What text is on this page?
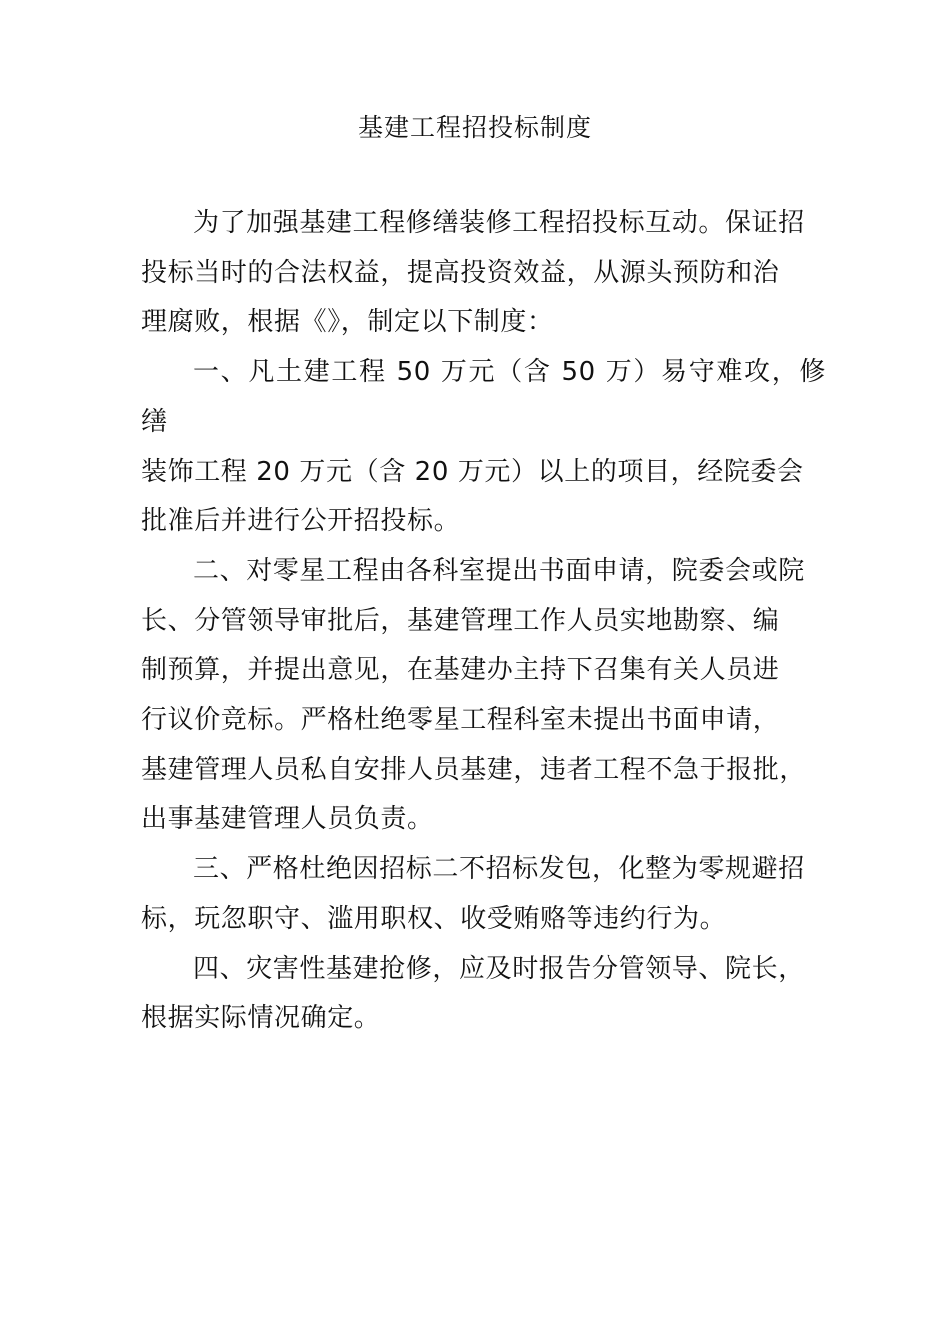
基建工程招投标制度

为了加强基建工程修缮装修工程招投标互动。保证招
投标当时的合法权益，提高投资效益，从源头预防和治
理腐败，根据《》，制定以下制度：

一、凡土建工程 50 万元（含 50 万）易守难攻，修缮
装饰工程 20 万元（含 20 万元）以上的项目，经院委会
批准后并进行公开招投标。

二、对零星工程由各科室提出书面申请，院委会或院
长、分管领导审批后，基建管理工作人员实地勘察、编
制预算，并提出意见，在基建办主持下召集有关人员进
行议价竞标。严格杜绝零星工程科室未提出书面申请，
基建管理人员私自安排人员基建，违者工程不急于报批，
出事基建管理人员负责。

三、严格杜绝因招标二不招标发包，化整为零规避招
标，玩忽职守、滥用职权、收受贿赂等违约行为。

四、灾害性基建抢修，应及时报告分管领导、院长，
根据实际情况确定。
